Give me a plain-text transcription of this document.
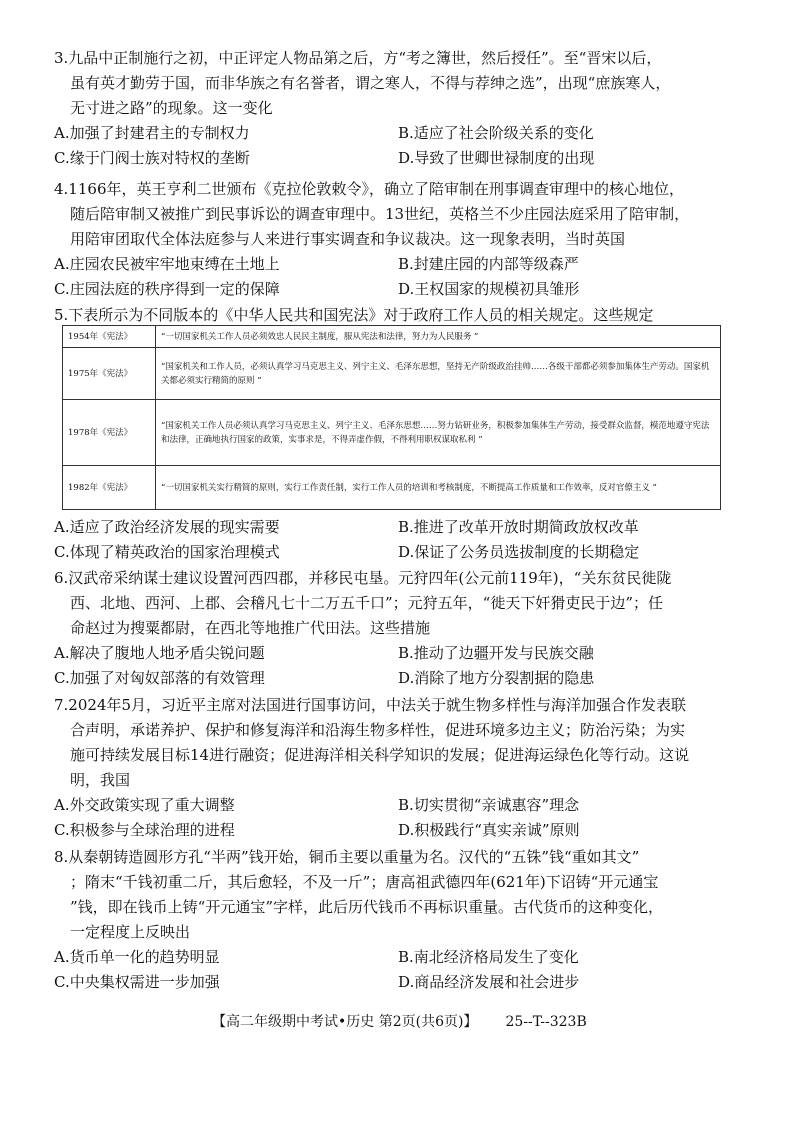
3.九品中正制施行之初，中正评定人物品第之后，方“考之簿世，然后授任”。至“晋宋以后，
虽有英才勤劳于国，而非华族之有名誉者，谓之寒人，不得与荐绅之选”，出现“庶族寒人，
无寸进之路”的现象。这一变化
A.加强了封建君主的专制权力	B.适应了社会阶级关系的变化
C.缘于门阀士族对特权的垄断	D.导致了世卿世禄制度的出现
4.1166年，英王亨利二世颁布《克拉伦敦敕令》，确立了陪审制在刑事调查审理中的核心地位，
随后陪审制又被推广到民事诉讼的调查审理中。13世纪，英格兰不少庄园法庭采用了陪审制，
用陪审团取代全体法庭参与人来进行事实调查和争议裁决。这一现象表明，当时英国
A.庄园农民被牢牢地束缚在土地上	B.封建庄园的内部等级森严
C.庄园法庭的秩序得到一定的保障	D.王权国家的规模初具雏形
5.下表所示为不同版本的《中华人民共和国宪法》对于政府工作人员的相关规定。这些规定
1954年《宪法》	“一切国家机关工作人员必须效忠人民民主制度，服从宪法和法律，努力为人民服务 ”
1975年《宪法》	“国家机关和工作人员，必须认真学习马克思主义、列宁主义、毛泽东思想，坚持无产阶级政治挂帅……各级干部都必须参加集体生产劳动。国家机关都必须实行精简的原则 ”
1978年《宪法》	“国家机关工作人员必须认真学习马克思主义、列宁主义、毛泽东思想……努力钻研业务，积极参加集体生产劳动，接受群众监督，模范地遵守宪法和法律，正确地执行国家的政策，实事求是，不得弄虚作假，不得利用职权谋取私利 ”
1982年《宪法》	“一切国家机关实行精简的原则，实行工作责任制，实行工作人员的培训和考核制度，不断提高工作质量和工作效率，反对官僚主义 ”
A.适应了政治经济发展的现实需要	B.推进了改革开放时期简政放权改革
C.体现了精英政治的国家治理模式	D.保证了公务员选拔制度的长期稳定
6.汉武帝采纳谋士建议设置河西四郡，并移民屯垦。元狩四年(公元前119年)，“关东贫民徙陇
西、北地、西河、上郡、会稽凡七十二万五千口”；元狩五年，“徙天下奸猾吏民于边”；任
命赵过为搜粟都尉，在西北等地推广代田法。这些措施
A.解决了腹地人地矛盾尖锐问题	B.推动了边疆开发与民族交融
C.加强了对匈奴部落的有效管理	D.消除了地方分裂割据的隐患
7.2024年5月，习近平主席对法国进行国事访问，中法关于就生物多样性与海洋加强合作发表联
合声明，承诺养护、保护和修复海洋和沿海生物多样性，促进环境多边主义；防治污染；为实
施可持续发展目标14进行融资；促进海洋相关科学知识的发展；促进海运绿色化等行动。这说
明，我国
A.外交政策实现了重大调整	B.切实贯彻“亲诚惠容”理念
C.积极参与全球治理的进程	D.积极践行“真实亲诚”原则
8.从秦朝铸造圆形方孔“半两”钱开始，铜币主要以重量为名。汉代的“五铢”钱“重如其文”
；隋末“千钱初重二斤，其后愈轻，不及一斤”；唐高祖武德四年(621年)下诏铸“开元通宝
”钱，即在钱币上铸“开元通宝”字样，此后历代钱币不再标识重量。古代货币的这种变化，
一定程度上反映出
A.货币单一化的趋势明显	B.南北经济格局发生了变化
C.中央集权需进一步加强	D.商品经济发展和社会进步
【高二年级期中考试•历史 第2页(共6页)】 25--T--323B
